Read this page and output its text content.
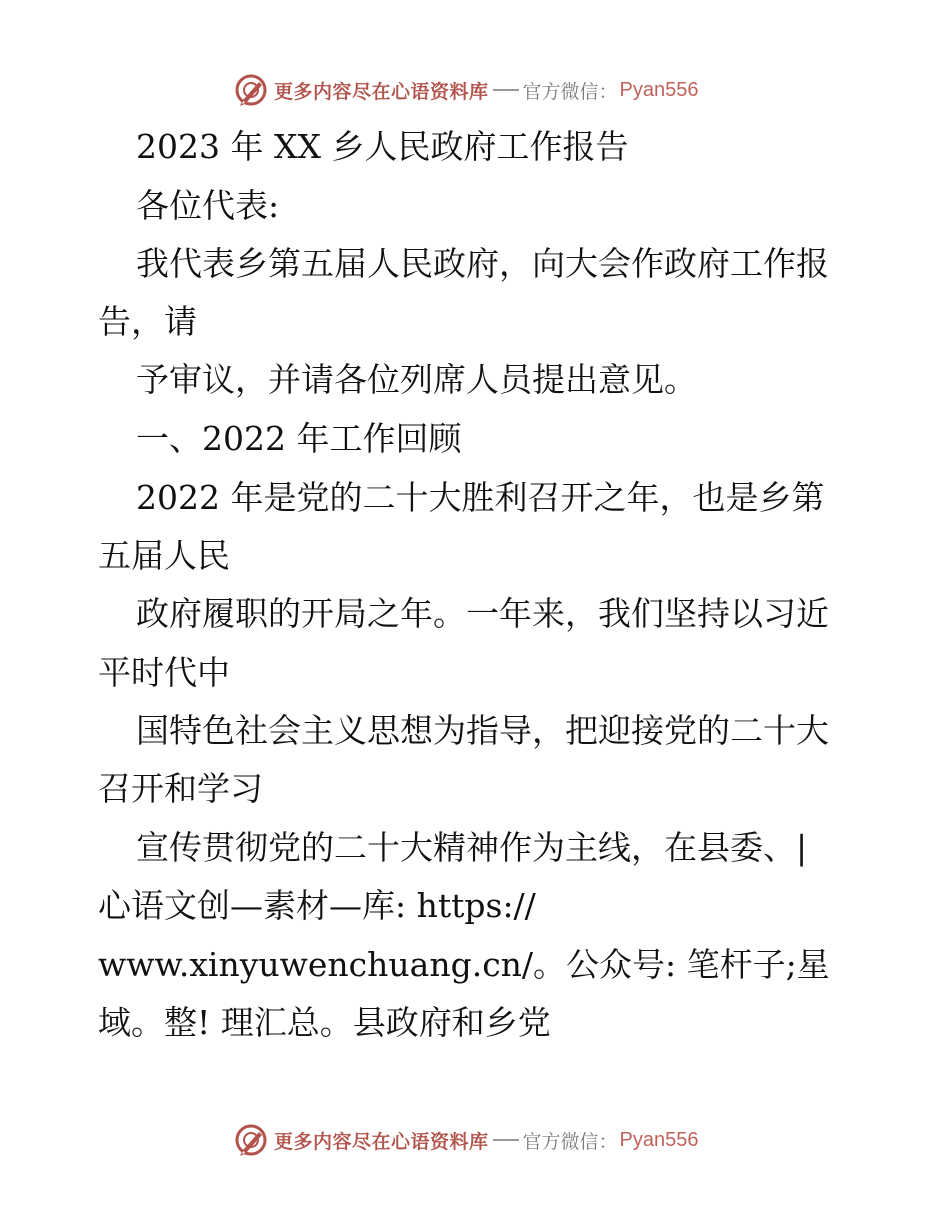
更多内容尽在心语资料库 官方微信： Pyan556
2023 年 XX 乡人民政府工作报告
各位代表:
我代表乡第五届人民政府，向大会作政府工作报
告，请
予审议，并请各位列席人员提出意见。
一、2022 年工作回顾
2022 年是党的二十大胜利召开之年，也是乡第
五届人民
政府履职的开局之年。一年来，我们坚持以习近
平时代中
国特色社会主义思想为指导，把迎接党的二十大
召开和学习
宣传贯彻党的二十大精神作为主线，在县委、|
心语文创—素材—库: https://
www.xinyuwenchuang.cn/。公众号: 笔杆子;星
域。整! 理汇总。县政府和乡党
更多内容尽在心语资料库 官方微信： Pyan556
